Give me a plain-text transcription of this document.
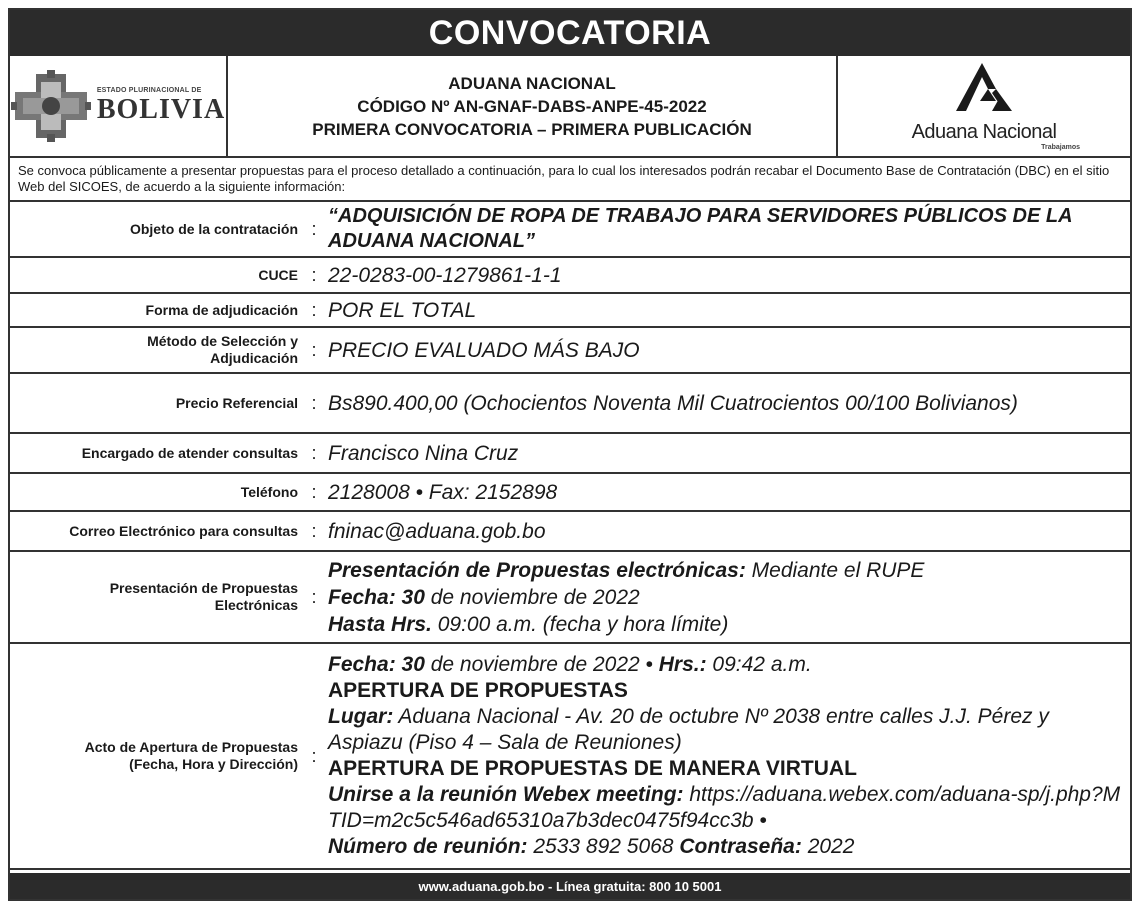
CONVOCATORIA
ESTADO PLURINACIONAL DE
BOLIVIA
ADUANA NACIONAL
CÓDIGO Nº AN-GNAF-DABS-ANPE-45-2022
PRIMERA CONVOCATORIA – PRIMERA PUBLICACIÓN	Aduana Nacional
Trabajamos
Se convoca públicamente a presentar propuestas para el proceso detallado a continuación, para lo cual los interesados podrán recabar el Documento Base de Contratación (DBC) en el sitio Web del SICOES, de acuerdo a la siguiente información:
Objeto de la contratación :
“ADQUISICIÓN DE ROPA DE TRABAJO PARA SERVIDORES PÚBLICOS DE LA ADUANA NACIONAL”
CUCE : 22-0283-00-1279861-1-1
Forma de adjudicación : POR EL TOTAL
Método de Selección y
Adjudicación : PRECIO EVALUADO MÁS BAJO
Precio Referencial : Bs890.400,00 (Ochocientos Noventa Mil Cuatrocientos 00/100 Bolivianos)
Encargado de atender consultas : Francisco Nina Cruz
Teléfono : 2128008 • Fax: 2152898
Correo Electrónico para consultas : fninac@aduana.gob.bo
Presentación de Propuestas
Electrónicas :
Presentación de Propuestas electrónicas: Mediante el RUPE
Fecha: 30 de noviembre de 2022
Hasta Hrs. 09:00 a.m. (fecha y hora límite)
Acto de Apertura de Propuestas
(Fecha, Hora y Dirección) :
Fecha: 30 de noviembre de 2022 • Hrs.: 09:42 a.m.
APERTURA DE PROPUESTAS
Lugar: Aduana Nacional - Av. 20 de octubre Nº 2038 entre calles J.J. Pérez y Aspiazu (Piso 4 – Sala de Reuniones)
APERTURA DE PROPUESTAS DE MANERA VIRTUAL
Unirse a la reunión Webex meeting: https://aduana.webex.com/aduana-sp/j.php?MTID=m2c5c546ad65310a7b3dec0475f94cc3b •
Número de reunión: 2533 892 5068 Contraseña: 2022
www.aduana.gob.bo - Línea gratuita: 800 10 5001
